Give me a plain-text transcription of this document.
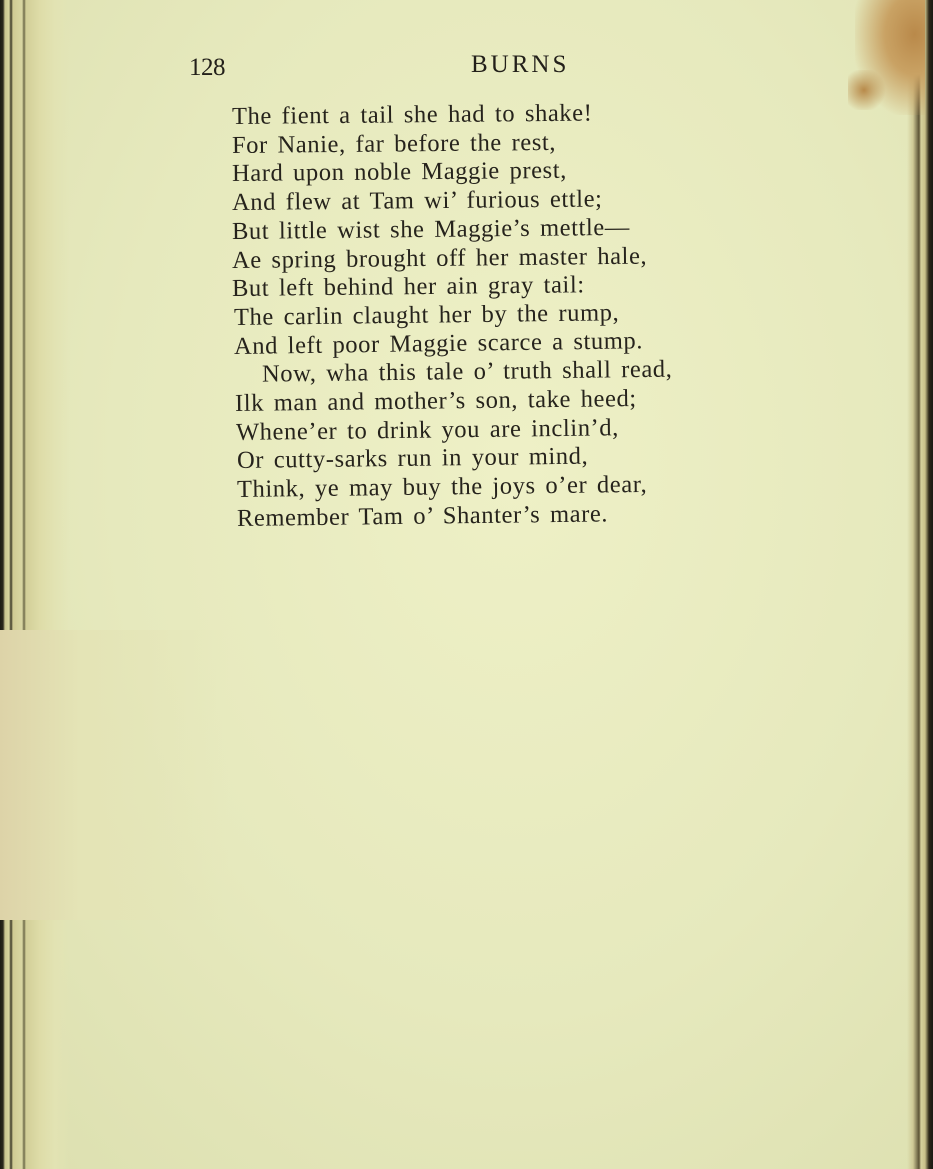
128	BURNS
The fient a tail she had to shake!
For Nanie, far before the rest,
Hard upon noble Maggie prest,
And flew at Tam wi’ furious ettle;
But little wist she Maggie’s mettle—
Ae spring brought off her master hale,
But left behind her ain gray tail:
The carlin claught her by the rump,
And left poor Maggie scarce a stump.
Now, wha this tale o’ truth shall read,
Ilk man and mother’s son, take heed;
Whene’er to drink you are inclin’d,
Or cutty-sarks run in your mind,
Think, ye may buy the joys o’er dear,
Remember Tam o’ Shanter’s mare.
